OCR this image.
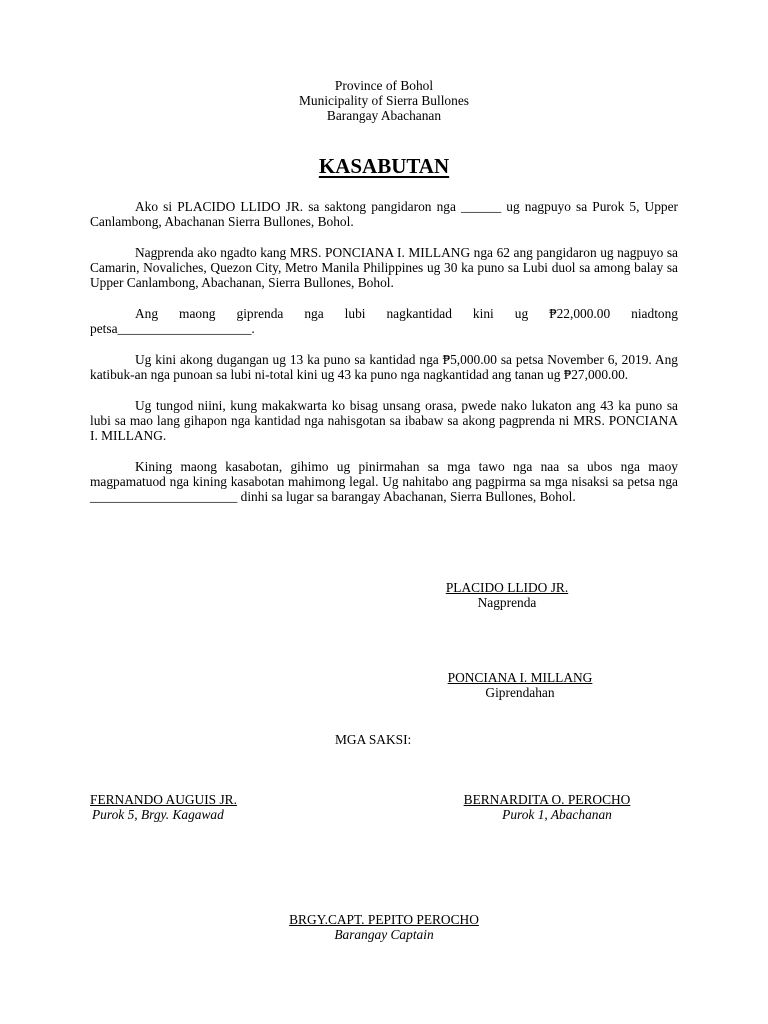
Province of Bohol
Municipality of Sierra Bullones
Barangay Abachanan
KASABUTAN

Ako si PLACIDO LLIDO JR. sa saktong pangidaron nga ______ ug nagpuyo sa Purok 5, Upper Canlambong, Abachanan Sierra Bullones, Bohol.

Nagprenda ako ngadto kang MRS. PONCIANA I. MILLANG nga 62 ang pangidaron ug nagpuyo sa Camarin, Novaliches, Quezon City, Metro Manila Philippines ug 30 ka puno sa Lubi duol sa among balay sa Upper Canlambong, Abachanan, Sierra Bullones, Bohol.

Ang maong giprenda nga lubi nagkantidad kini ug ₱22,000.00 niadtong petsa____________________.

Ug kini akong dugangan ug 13 ka puno sa kantidad nga ₱5,000.00 sa petsa November 6, 2019. Ang katibuk-an nga punoan sa lubi ni-total kini ug 43 ka puno nga nagkantidad ang tanan ug ₱27,000.00.

Ug tungod niini, kung makakwarta ko bisag unsang orasa, pwede nako lukaton ang 43 ka puno sa lubi sa mao lang gihapon nga kantidad nga nahisgotan sa ibabaw sa akong pagprenda ni MRS. PONCIANA I. MILLANG.

Kining maong kasabotan, gihimo ug pinirmahan sa mga tawo nga naa sa ubos nga maoy magpamatuod nga kining kasabotan mahimong legal. Ug nahitabo ang pagpirma sa mga nisaksi sa petsa nga ______________________ dinhi sa lugar sa barangay Abachanan, Sierra Bullones, Bohol.

PLACIDO LLIDO JR.
Nagprenda
PONCIANA I. MILLANG
Giprendahan
MGA SAKSI:
FERNANDO AUGUIS JR.
Purok 5, Brgy. Kagawad
BERNARDITA O. PEROCHO
Purok 1, Abachanan
BRGY.CAPT. PEPITO PEROCHO
Barangay Captain
